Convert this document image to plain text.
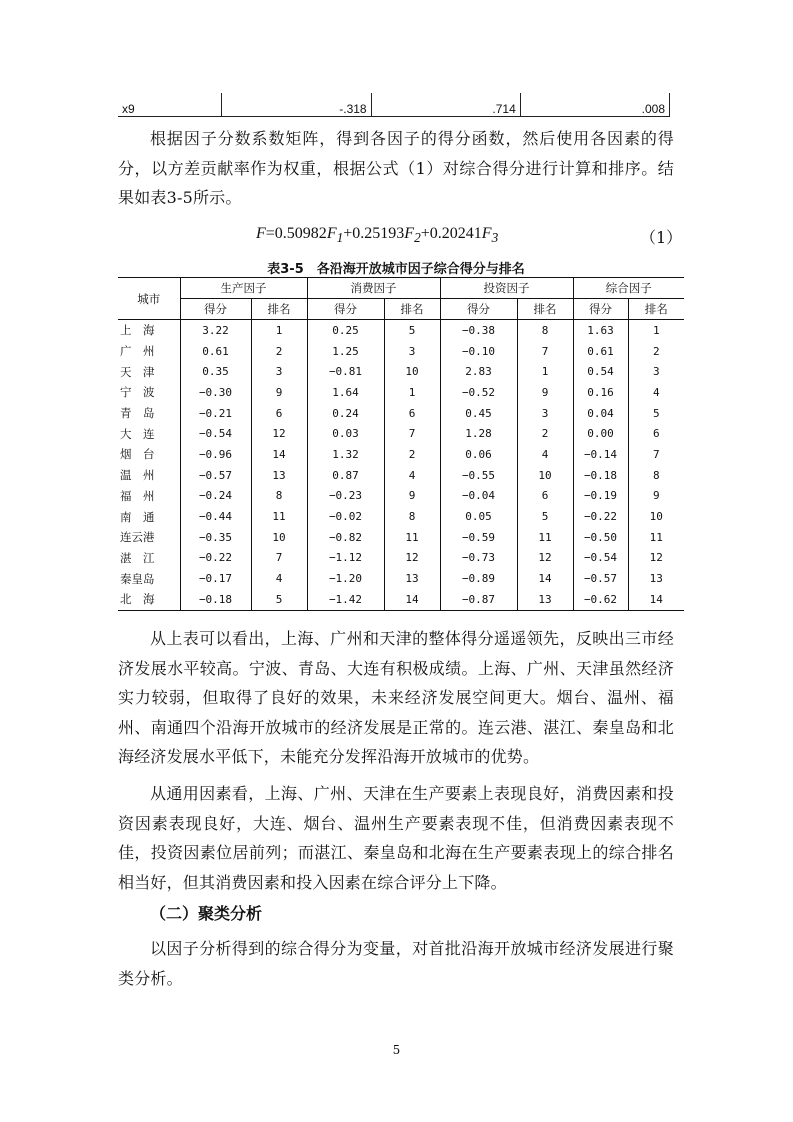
x9	-.318	.714	.008

根据因子分数系数矩阵，得到各因子的得分函数，然后使用各因素的得分，以方差贡献率作为权重，根据公式（1）对综合得分进行计算和排序。结果如表3-5所示。

$F=0.50982F_1+0.25193F_2+0.20241F_3$	（1）
表3-5　各沿海开放城市因子综合得分与排名
城市	生产因子		消费因子		投资因子		综合因子	
	得分	排名	得分	排名	得分	排名	得分	排名
上　海	3.22	1	0.25	5	−0.38	8	1.63	1
广　州	0.61	2	1.25	3	−0.10	7	0.61	2
天　津	0.35	3	−0.81	10	2.83	1	0.54	3
宁　波	−0.30	9	1.64	1	−0.52	9	0.16	4
青　岛	−0.21	6	0.24	6	0.45	3	0.04	5
大　连	−0.54	12	0.03	7	1.28	2	0.00	6
烟　台	−0.96	14	1.32	2	0.06	4	−0.14	7
温　州	−0.57	13	0.87	4	−0.55	10	−0.18	8
福　州	−0.24	8	−0.23	9	−0.04	6	−0.19	9
南　通	−0.44	11	−0.02	8	0.05	5	−0.22	10
连云港	−0.35	10	−0.82	11	−0.59	11	−0.50	11
湛　江	−0.22	7	−1.12	12	−0.73	12	−0.54	12
秦皇岛	−0.17	4	−1.20	13	−0.89	14	−0.57	13
北　海	−0.18	5	−1.42	14	−0.87	13	−0.62	14

从上表可以看出，上海、广州和天津的整体得分遥遥领先，反映出三市经济发展水平较高。宁波、青岛、大连有积极成绩。上海、广州、天津虽然经济实力较弱，但取得了良好的效果，未来经济发展空间更大。烟台、温州、福州、南通四个沿海开放城市的经济发展是正常的。连云港、湛江、秦皇岛和北海经济发展水平低下，未能充分发挥沿海开放城市的优势。

从通用因素看，上海、广州、天津在生产要素上表现良好，消费因素和投资因素表现良好，大连、烟台、温州生产要素表现不佳，但消费因素表现不佳，投资因素位居前列；而湛江、秦皇岛和北海在生产要素表现上的综合排名相当好，但其消费因素和投入因素在综合评分上下降。

（二）聚类分析

以因子分析得到的综合得分为变量，对首批沿海开放城市经济发展进行聚类分析。

5
